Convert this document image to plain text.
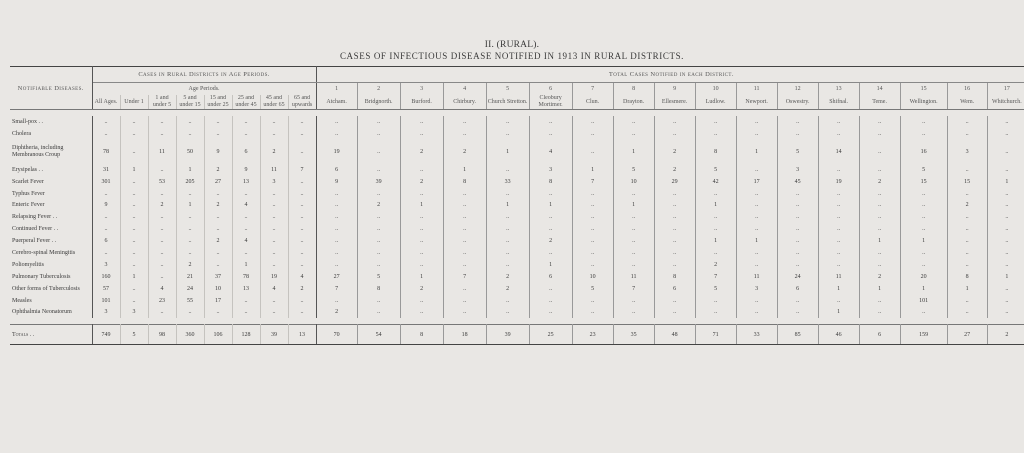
II. (RURAL).
CASES OF INFECTIOUS DISEASE NOTIFIED IN 1913 IN RURAL DISTRICTS.
Notifiable Diseases.	Cases in Rural Districts in Age Periods.								Total Cases Notified in each District.																	
	Age Periods.								1	2	3	4	5	6	7	8	9	10	11	12	13	14	15	16	17	
	All Ages.	Under 1	1 and under 5	5 and under 15	15 and under 25	25 and under 45	45 and under 65	65 and upwards	Atcham.	Bridgnorth.	Burford.	Chirbury.	Church Stretton.	Cleobury Mortimer.	Clun.	Drayton.	Ellesmere.	Ludlow.	Newport.	Oswestry.	Shifnal.	Teme.	Wellington.	Wem.	Whitchurch.	

Small-pox . .	..	..	..	..	..	..	..	..	..	..	..	..	..	..	..	..	..	..	..	..	..	..	..	..	..	
Cholera	..	..	..	..	..	..	..	..	..	..	..	..	..	..	..	..	..	..	..	..	..	..	..	..	..	
Diphtheria, including Membranous Croup	78	..	11	50	9	6	2	..	19	..	2	2	1	4	..	1	2	8	1	5	14	..	16	3	..	
Erysipelas . .	31	1	..	1	2	9	11	7	6	..	..	1	..	3	1	5	2	5	..	3	..	..	5	..	..	
Scarlet Fever	301	..	53	205	27	13	3	..	9	39	2	8	33	8	7	10	29	42	17	45	19	2	15	15	1	
Typhus Fever	..	..	..	..	..	..	..	..	..	..	..	..	..	..	..	..	..	..	..	..	..	..	..	..	..	
Enteric Fever	9	..	2	1	2	4	..	..	..	2	1	..	1	1	..	1	..	1	..	..	..	..	..	2	..	
Relapsing Fever . .	..	..	..	..	..	..	..	..	..	..	..	..	..	..	..	..	..	..	..	..	..	..	..	..	..	
Continued Fever . .	..	..	..	..	..	..	..	..	..	..	..	..	..	..	..	..	..	..	..	..	..	..	..	..	..	
Puerperal Fever . .	6	..	..	..	2	4	..	..	..	..	..	..	..	2	..	..	..	1	1	..	..	1	1	..	..	
Cerebro-spinal Meningitis	..	..	..	..	..	..	..	..	..	..	..	..	..	..	..	..	..	..	..	..	..	..	..	..	..	
Poliomyelitis	3	..	..	2	..	1	..	..	..	..	..	..	..	1	..	..	..	2	..	..	..	..	..	..	..	
Pulmonary Tuberculosis	160	1	..	21	37	78	19	4	27	5	1	7	2	6	10	11	8	7	11	24	11	2	20	8	1	
Other forms of Tuberculosis	57	..	4	24	10	13	4	2	7	8	2	..	2	..	5	7	6	5	3	6	1	1	1	1	..	
Measles	101	..	23	55	17	..	..	..	..	..	..	..	..	..	..	..	..	..	..	..	..	..	101	..	..	
Ophthalmia Neonatorum	3	3	..	..	..	..	..	..	2	..	..	..	..	..	..	..	..	..	..	..	1	..	..	..	..	

Totals . .	749	5	98	360	106	128	39	13	70	54	8	18	39	25	23	35	48	71	33	85	46	6	159	27	2	
